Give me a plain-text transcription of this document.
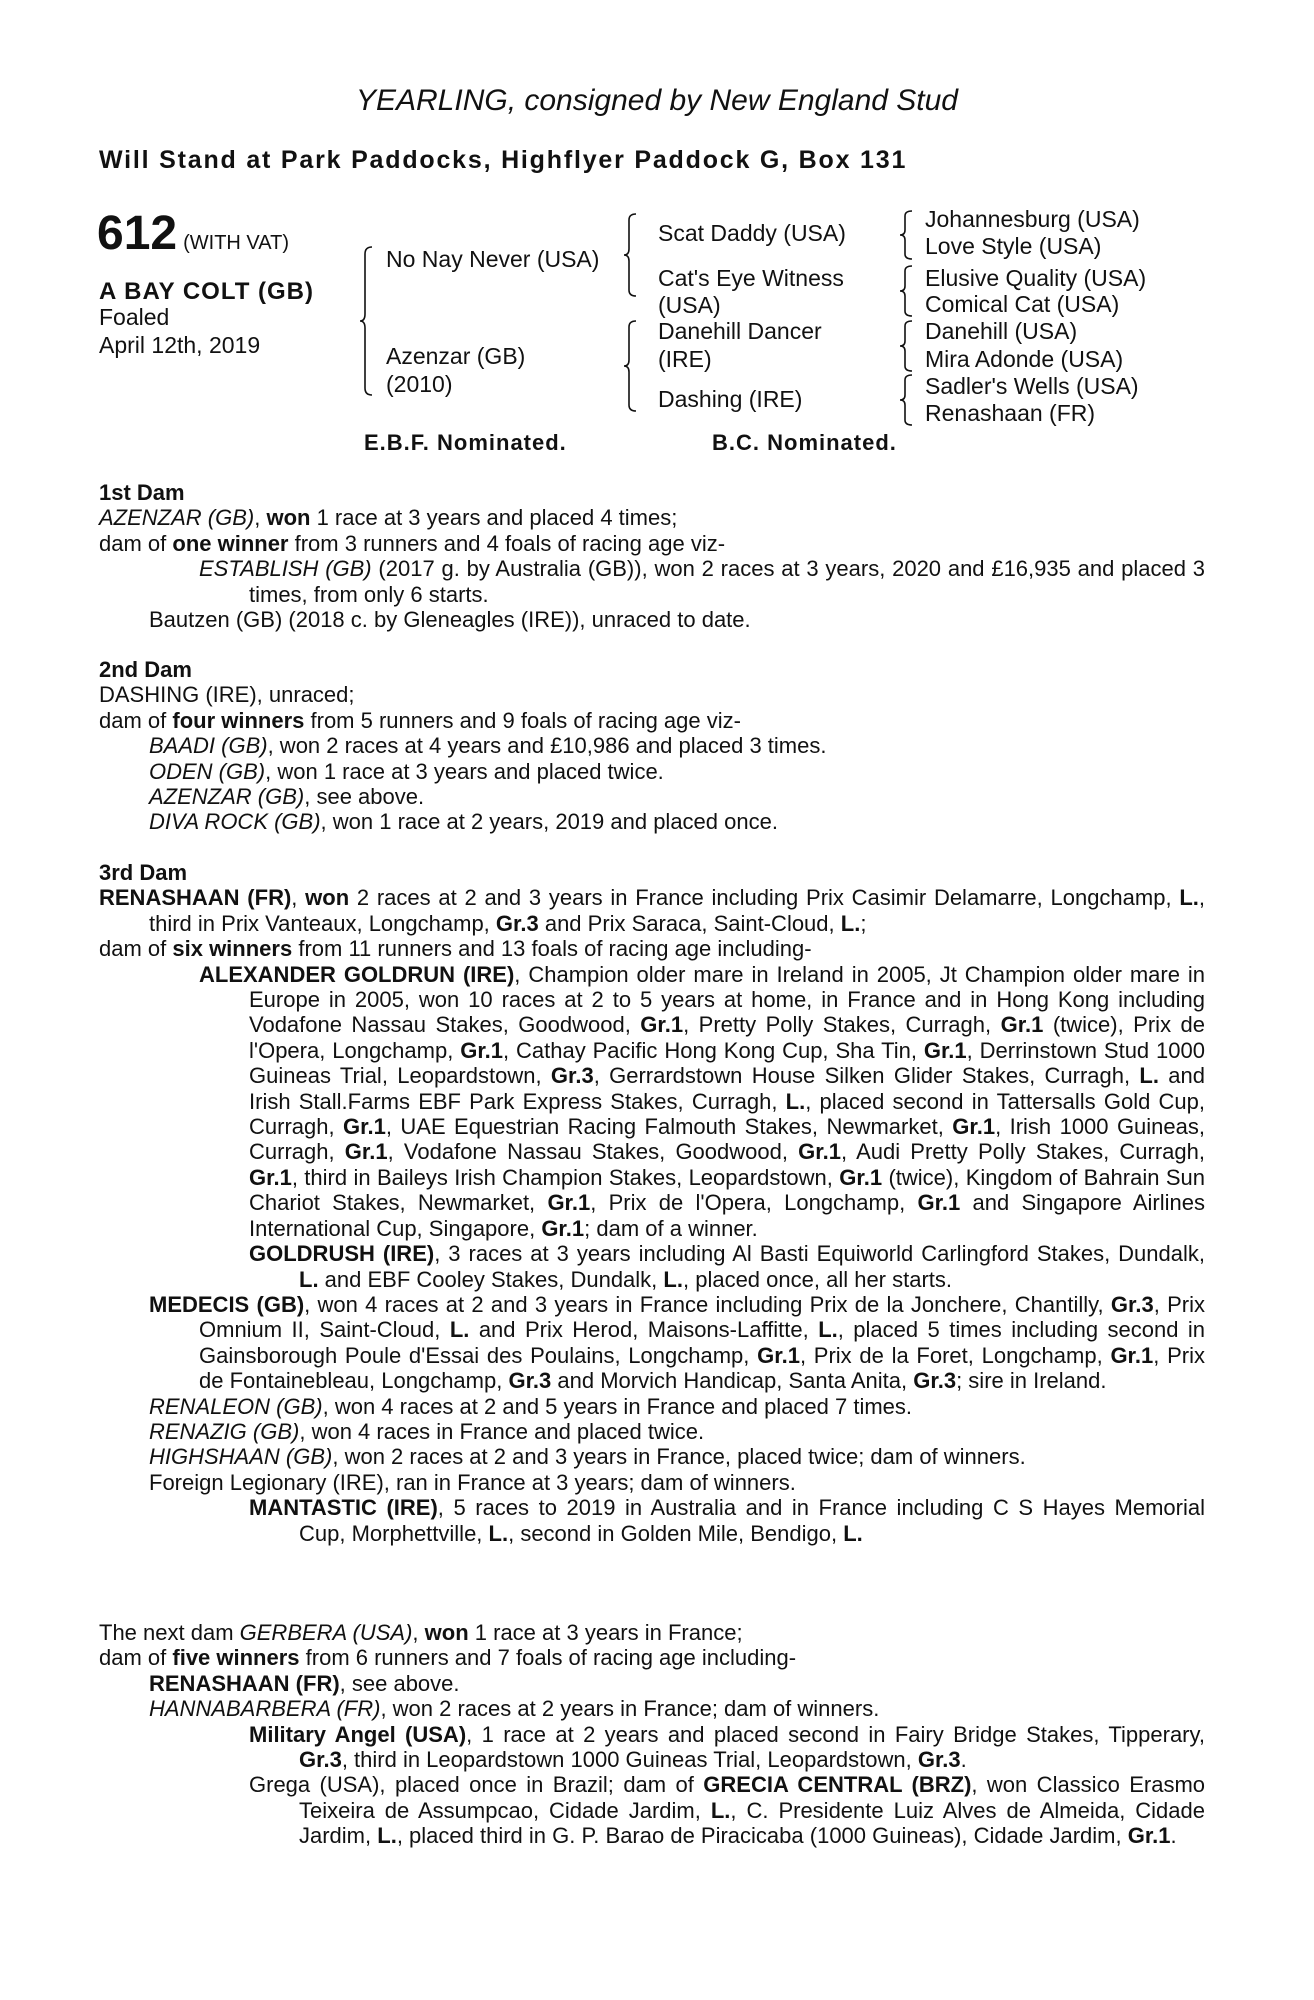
YEARLING, consigned by New England Stud
Will Stand at Park Paddocks, Highflyer Paddock G, Box 131
612 (WITH VAT)
A BAY COLT (GB)
Foaled
April 12th, 2019
No Nay Never (USA)
Azenzar (GB)
(2010)
Scat Daddy (USA)
Cat's Eye Witness
(USA)
Danehill Dancer
(IRE)
Dashing (IRE)
Johannesburg (USA)
Love Style (USA)
Elusive Quality (USA)
Comical Cat (USA)
Danehill (USA)
Mira Adonde (USA)
Sadler's Wells (USA)
Renashaan (FR)
E.B.F. Nominated.	B.C. Nominated.
1st Dam
AZENZAR (GB), won 1 race at 3 years and placed 4 times;
dam of one winner from 3 runners and 4 foals of racing age viz-
ESTABLISH (GB) (2017 g. by Australia (GB)), won 2 races at 3 years, 2020 and £16,935 and placed 3 times, from only 6 starts.
Bautzen (GB) (2018 c. by Gleneagles (IRE)), unraced to date.
2nd Dam
DASHING (IRE), unraced;
dam of four winners from 5 runners and 9 foals of racing age viz-
BAADI (GB), won 2 races at 4 years and £10,986 and placed 3 times.
ODEN (GB), won 1 race at 3 years and placed twice.
AZENZAR (GB), see above.
DIVA ROCK (GB), won 1 race at 2 years, 2019 and placed once.
3rd Dam
RENASHAAN (FR), won 2 races at 2 and 3 years in France including Prix Casimir Delamarre, Longchamp, L., third in Prix Vanteaux, Longchamp, Gr.3 and Prix Saraca, Saint-Cloud, L.;
dam of six winners from 11 runners and 13 foals of racing age including-
ALEXANDER GOLDRUN (IRE), Champion older mare in Ireland in 2005, Jt Champion older mare in Europe in 2005, won 10 races at 2 to 5 years at home, in France and in Hong Kong including Vodafone Nassau Stakes, Goodwood, Gr.1, Pretty Polly Stakes, Curragh, Gr.1 (twice), Prix de l'Opera, Longchamp, Gr.1, Cathay Pacific Hong Kong Cup, Sha Tin, Gr.1, Derrinstown Stud 1000 Guineas Trial, Leopardstown, Gr.3, Gerrardstown House Silken Glider Stakes, Curragh, L. and Irish Stall.Farms EBF Park Express Stakes, Curragh, L., placed second in Tattersalls Gold Cup, Curragh, Gr.1, UAE Equestrian Racing Falmouth Stakes, Newmarket, Gr.1, Irish 1000 Guineas, Curragh, Gr.1, Vodafone Nassau Stakes, Goodwood, Gr.1, Audi Pretty Polly Stakes, Curragh, Gr.1, third in Baileys Irish Champion Stakes, Leopardstown, Gr.1 (twice), Kingdom of Bahrain Sun Chariot Stakes, Newmarket, Gr.1, Prix de l'Opera, Longchamp, Gr.1 and Singapore Airlines International Cup, Singapore, Gr.1; dam of a winner.
GOLDRUSH (IRE), 3 races at 3 years including Al Basti Equiworld Carlingford Stakes, Dundalk, L. and EBF Cooley Stakes, Dundalk, L., placed once, all her starts.
MEDECIS (GB), won 4 races at 2 and 3 years in France including Prix de la Jonchere, Chantilly, Gr.3, Prix Omnium II, Saint-Cloud, L. and Prix Herod, Maisons-Laffitte, L., placed 5 times including second in Gainsborough Poule d'Essai des Poulains, Longchamp, Gr.1, Prix de la Foret, Longchamp, Gr.1, Prix de Fontainebleau, Longchamp, Gr.3 and Morvich Handicap, Santa Anita, Gr.3; sire in Ireland.
RENALEON (GB), won 4 races at 2 and 5 years in France and placed 7 times.
RENAZIG (GB), won 4 races in France and placed twice.
HIGHSHAAN (GB), won 2 races at 2 and 3 years in France, placed twice; dam of winners.
Foreign Legionary (IRE), ran in France at 3 years; dam of winners.
MANTASTIC (IRE), 5 races to 2019 in Australia and in France including C S Hayes Memorial Cup, Morphettville, L., second in Golden Mile, Bendigo, L.
The next dam GERBERA (USA), won 1 race at 3 years in France;
dam of five winners from 6 runners and 7 foals of racing age including-
RENASHAAN (FR), see above.
HANNABARBERA (FR), won 2 races at 2 years in France; dam of winners.
Military Angel (USA), 1 race at 2 years and placed second in Fairy Bridge Stakes, Tipperary, Gr.3, third in Leopardstown 1000 Guineas Trial, Leopardstown, Gr.3.
Grega (USA), placed once in Brazil; dam of GRECIA CENTRAL (BRZ), won Classico Erasmo Teixeira de Assumpcao, Cidade Jardim, L., C. Presidente Luiz Alves de Almeida, Cidade Jardim, L., placed third in G. P. Barao de Piracicaba (1000 Guineas), Cidade Jardim, Gr.1.
